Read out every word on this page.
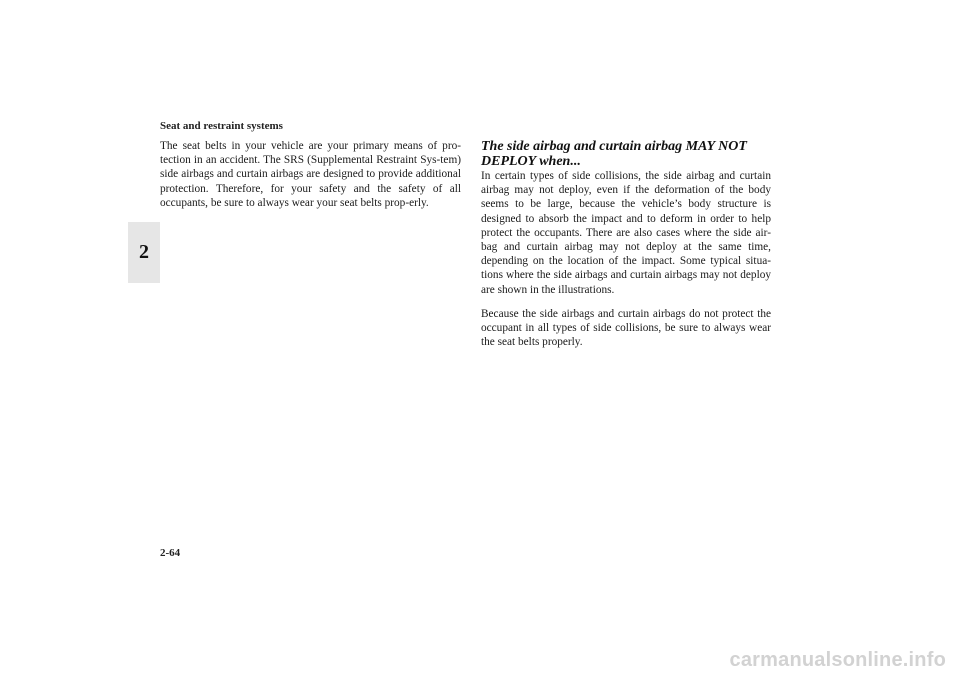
Seat and restraint systems
2

The seat belts in your vehicle are your primary means of pro-tection in an accident. The SRS (Supplemental Restraint Sys-tem) side airbags and curtain airbags are designed to provide additional protection. Therefore, for your safety and the safety of all occupants, be sure to always wear your seat belts prop-erly.

The side airbag and curtain airbag MAY NOT
DEPLOY when...

In certain types of side collisions, the side airbag and curtain airbag may not deploy, even if the deformation of the body seems to be large, because the vehicle’s body structure is designed to absorb the impact and to deform in order to help protect the occupants. There are also cases where the side air-bag and curtain airbag may not deploy at the same time, depending on the location of the impact. Some typical situa-tions where the side airbags and curtain airbags may not deploy are shown in the illustrations.

Because the side airbags and curtain airbags do not protect the occupant in all types of side collisions, be sure to always wear the seat belts properly.

2-64
carmanualsonline.info
